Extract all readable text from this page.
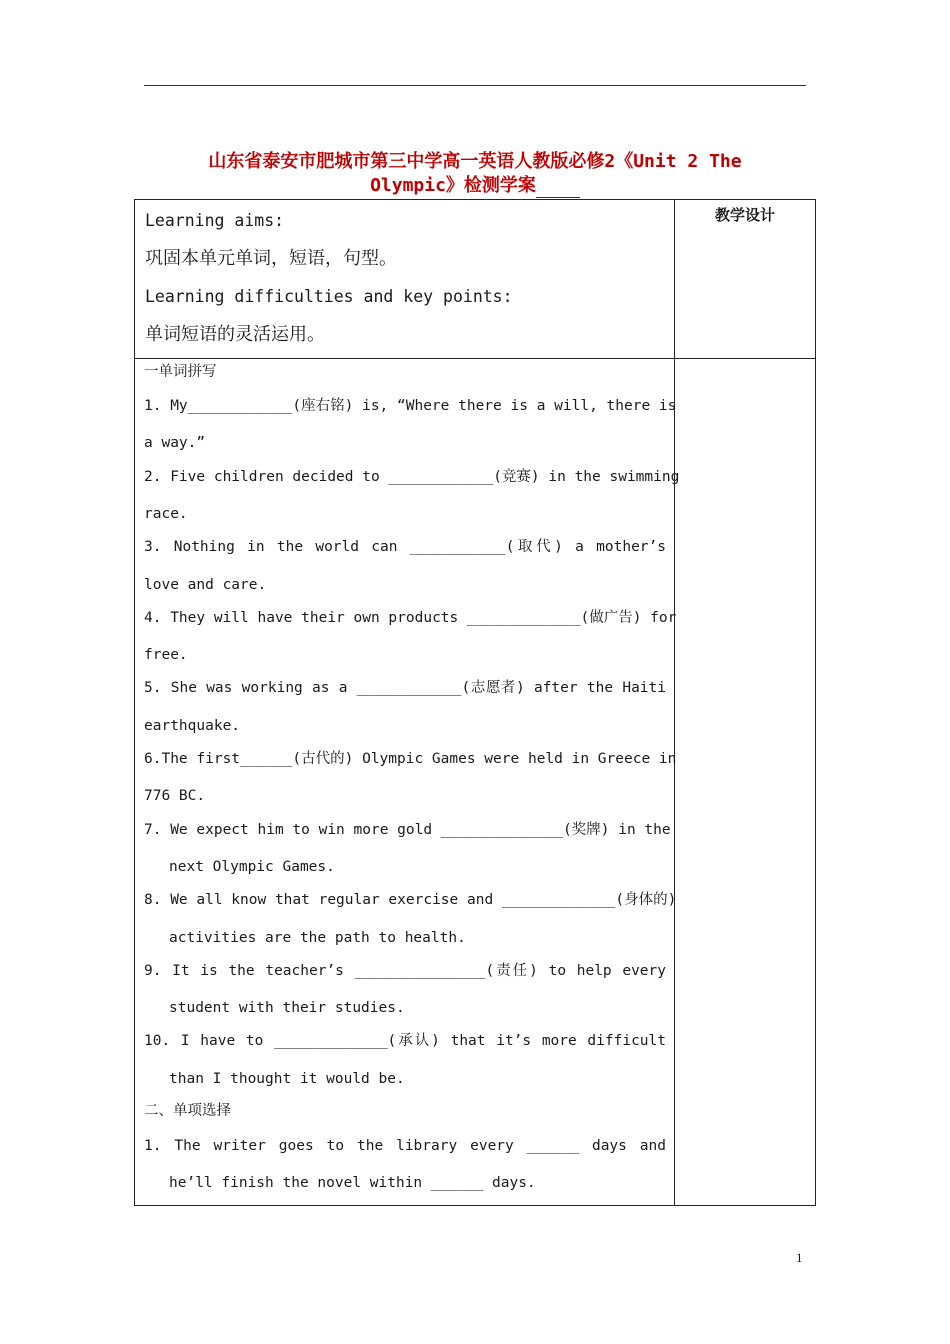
山东省泰安市肥城市第三中学高一英语人教版必修2《Unit 2 The
Olympic》检测学案
教学设计
Learning aims:
巩固本单元单词，短语，句型。
Learning difficulties and key points:
单词短语的灵活运用。
一单词拼写
1. My____________(座右铭) is, “Where there is a will, there is
a way.”
2. Five children decided to ____________(竞赛) in the swimming
race.
3. Nothing in the world can ___________(取代) a mother’s
love and care.
4. They will have their own products _____________(做广告) for
free.
5. She was working as a ____________(志愿者) after the Haiti
earthquake.
6.The first______(古代的) Olympic Games were held in Greece in
776 BC.
7. We expect him to win more gold ______________(奖牌) in the
next Olympic Games.
8. We all know that regular exercise and _____________(身体的)
activities are the path to health.
9. It is the teacher’s _______________(责任) to help every
student with their studies.
10. I have to _____________(承认) that it’s more difficult
than I thought it would be.
二、单项选择
1. The writer goes to the library every ______ days and
he’ll finish the novel within ______ days.
1
